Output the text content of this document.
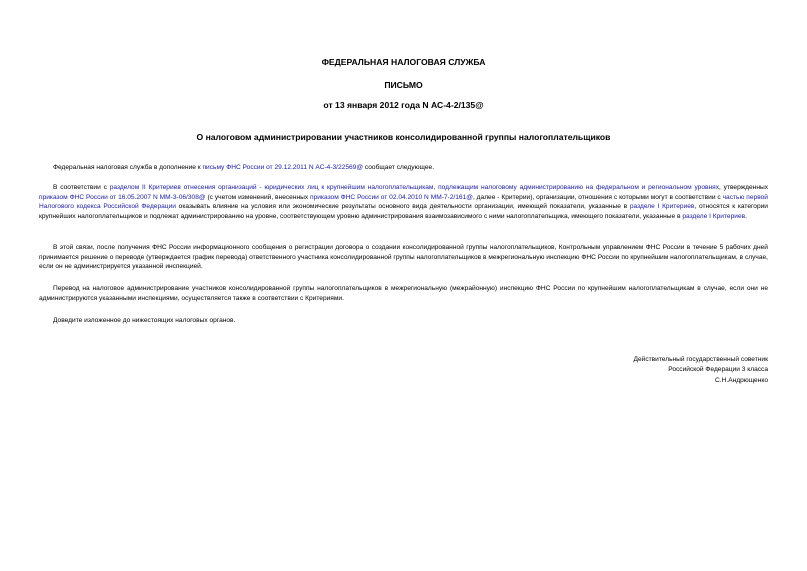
ФЕДЕРАЛЬНАЯ НАЛОГОВАЯ СЛУЖБА
ПИСЬМО
от 13 января 2012 года N АС-4-2/135@
О налоговом администрировании участников консолидированной группы налогоплательщиков

Федеральная налоговая служба в дополнение к письму ФНС России от 29.12.2011 N АС-4-3/22569@ сообщает следующее.

В соответствии с разделом II Критериев отнесения организаций - юридических лиц к крупнейшим налогоплательщикам, подлежащим налоговому администрированию на федеральном и региональном уровнях, утвержденных приказом ФНС России от 16.05.2007 N ММ-3-06/308@ (с учетом изменений, внесенных приказом ФНС России от 02.04.2010 N ММ-7-2/161@, далее - Критерии), организации, отношения с которыми могут в соответствии с частью первой Налогового кодекса Российской Федерации оказывать влияние на условия или экономические результаты основного вида деятельности организации, имеющей показатели, указанные в разделе I Критериев, относятся к категории крупнейших налогоплательщиков и подлежат администрированию на уровне, соответствующем уровню администрирования взаимозависимого с ними налогоплательщика, имеющего показатели, указанные в разделе I Критериев.

В этой связи, после получения ФНС России информационного сообщения о регистрации договора о создании консолидированной группы налогоплательщиков, Контрольным управлением ФНС России в течение 5 рабочих дней принимается решение о переводе (утверждается график перевода) ответственного участника консолидированной группы налогоплательщиков в межрегиональную инспекцию ФНС России по крупнейшим налогоплательщикам, в случае, если он не администрируется указанной инспекцией.

Перевод на налоговое администрирование участников консолидированной группы налогоплательщиков в межрегиональную (межрайонную) инспекцию ФНС России по крупнейшим налогоплательщикам в случае, если они не администрируются указанными инспекциями, осуществляется также в соответствии с Критериями.

Доведите изложенное до нижестоящих налоговых органов.

Действительный государственный советник
Российской Федерации 3 класса
С.Н.Андрющенко
